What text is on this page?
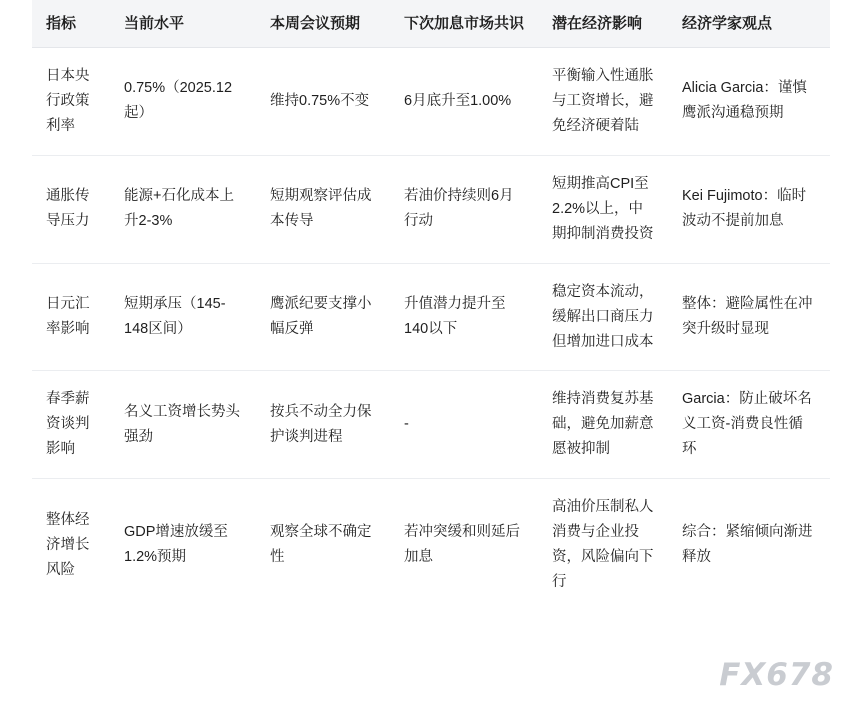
指标	当前水平	本周会议预期	下次加息市场共识	潜在经济影响	经济学家观点
日本央行政策利率	0.75%（2025.12起）	维持0.75%不变	6月底升至1.00%	平衡输入性通胀与工资增长，避免经济硬着陆	Alicia Garcia：谨慎鹰派沟通稳预期
通胀传导压力	能源+石化成本上升2-3%	短期观察评估成本传导	若油价持续则6月行动	短期推高CPI至2.2%以上，中期抑制消费投资	Kei Fujimoto：临时波动不提前加息
日元汇率影响	短期承压（145-148区间）	鹰派纪要支撑小幅反弹	升值潜力提升至140以下	稳定资本流动，缓解出口商压力但增加进口成本	整体：避险属性在冲突升级时显现
春季薪资谈判影响	名义工资增长势头强劲	按兵不动全力保护谈判进程	-	维持消费复苏基础，避免加薪意愿被抑制	Garcia：防止破坏名义工资-消费良性循环
整体经济增长风险	GDP增速放缓至1.2%预期	观察全球不确定性	若冲突缓和则延后加息	高油价压制私人消费与企业投资，风险偏向下行	综合：紧缩倾向渐进释放
FX678
